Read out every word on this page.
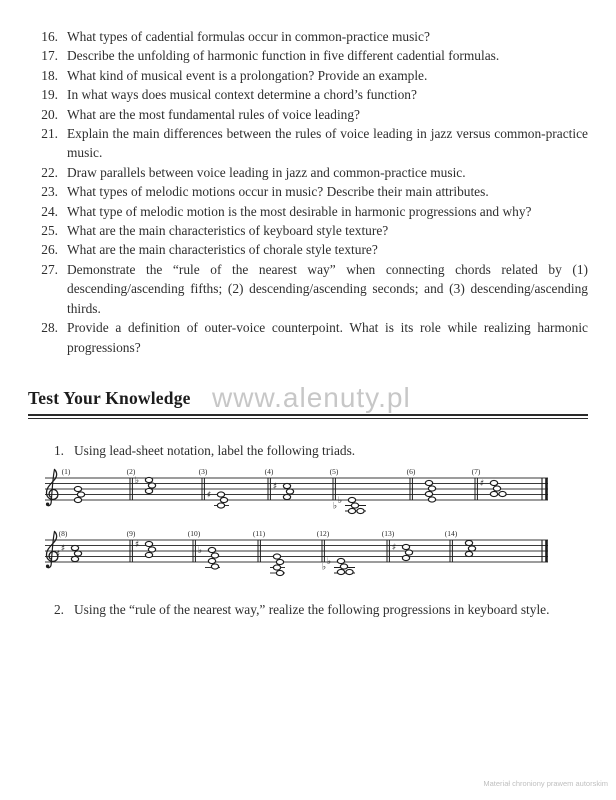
16. What types of cadential formulas occur in common-practice music?
17. Describe the unfolding of harmonic function in five different cadential formulas.
18. What kind of musical event is a prolongation? Provide an example.
19. In what ways does musical context determine a chord’s function?
20. What are the most fundamental rules of voice leading?
21. Explain the main differences between the rules of voice leading in jazz versus common-practice music.
22. Draw parallels between voice leading in jazz and common-practice music.
23. What types of melodic motions occur in music? Describe their main attributes.
24. What type of melodic motion is the most desirable in harmonic progressions and why?
25. What are the main characteristics of keyboard style texture?
26. What are the main characteristics of chorale style texture?
27. Demonstrate the “rule of the nearest way” when connecting chords related by (1) descending/ascending fifths; (2) descending/ascending seconds; and (3) descending/ascending thirds.
28. Provide a definition of outer-voice counterpoint. What is its role while realizing harmonic progressions?
Test Your Knowledge
1. Using lead-sheet notation, label the following triads.
(1)	(2)
♭
(3)
♯
(4)
♯
(5)
♭
♭
(6)	(7)
♯
(8)
♯
♯
(9)
♯
(10)
♭
(11)	(12)
♭
♭
(13)
♯
(14)
2. Using the “rule of the nearest way,” realize the following progressions in keyboard style.
www.alenuty.pl
Materiał chroniony prawem autorskim
